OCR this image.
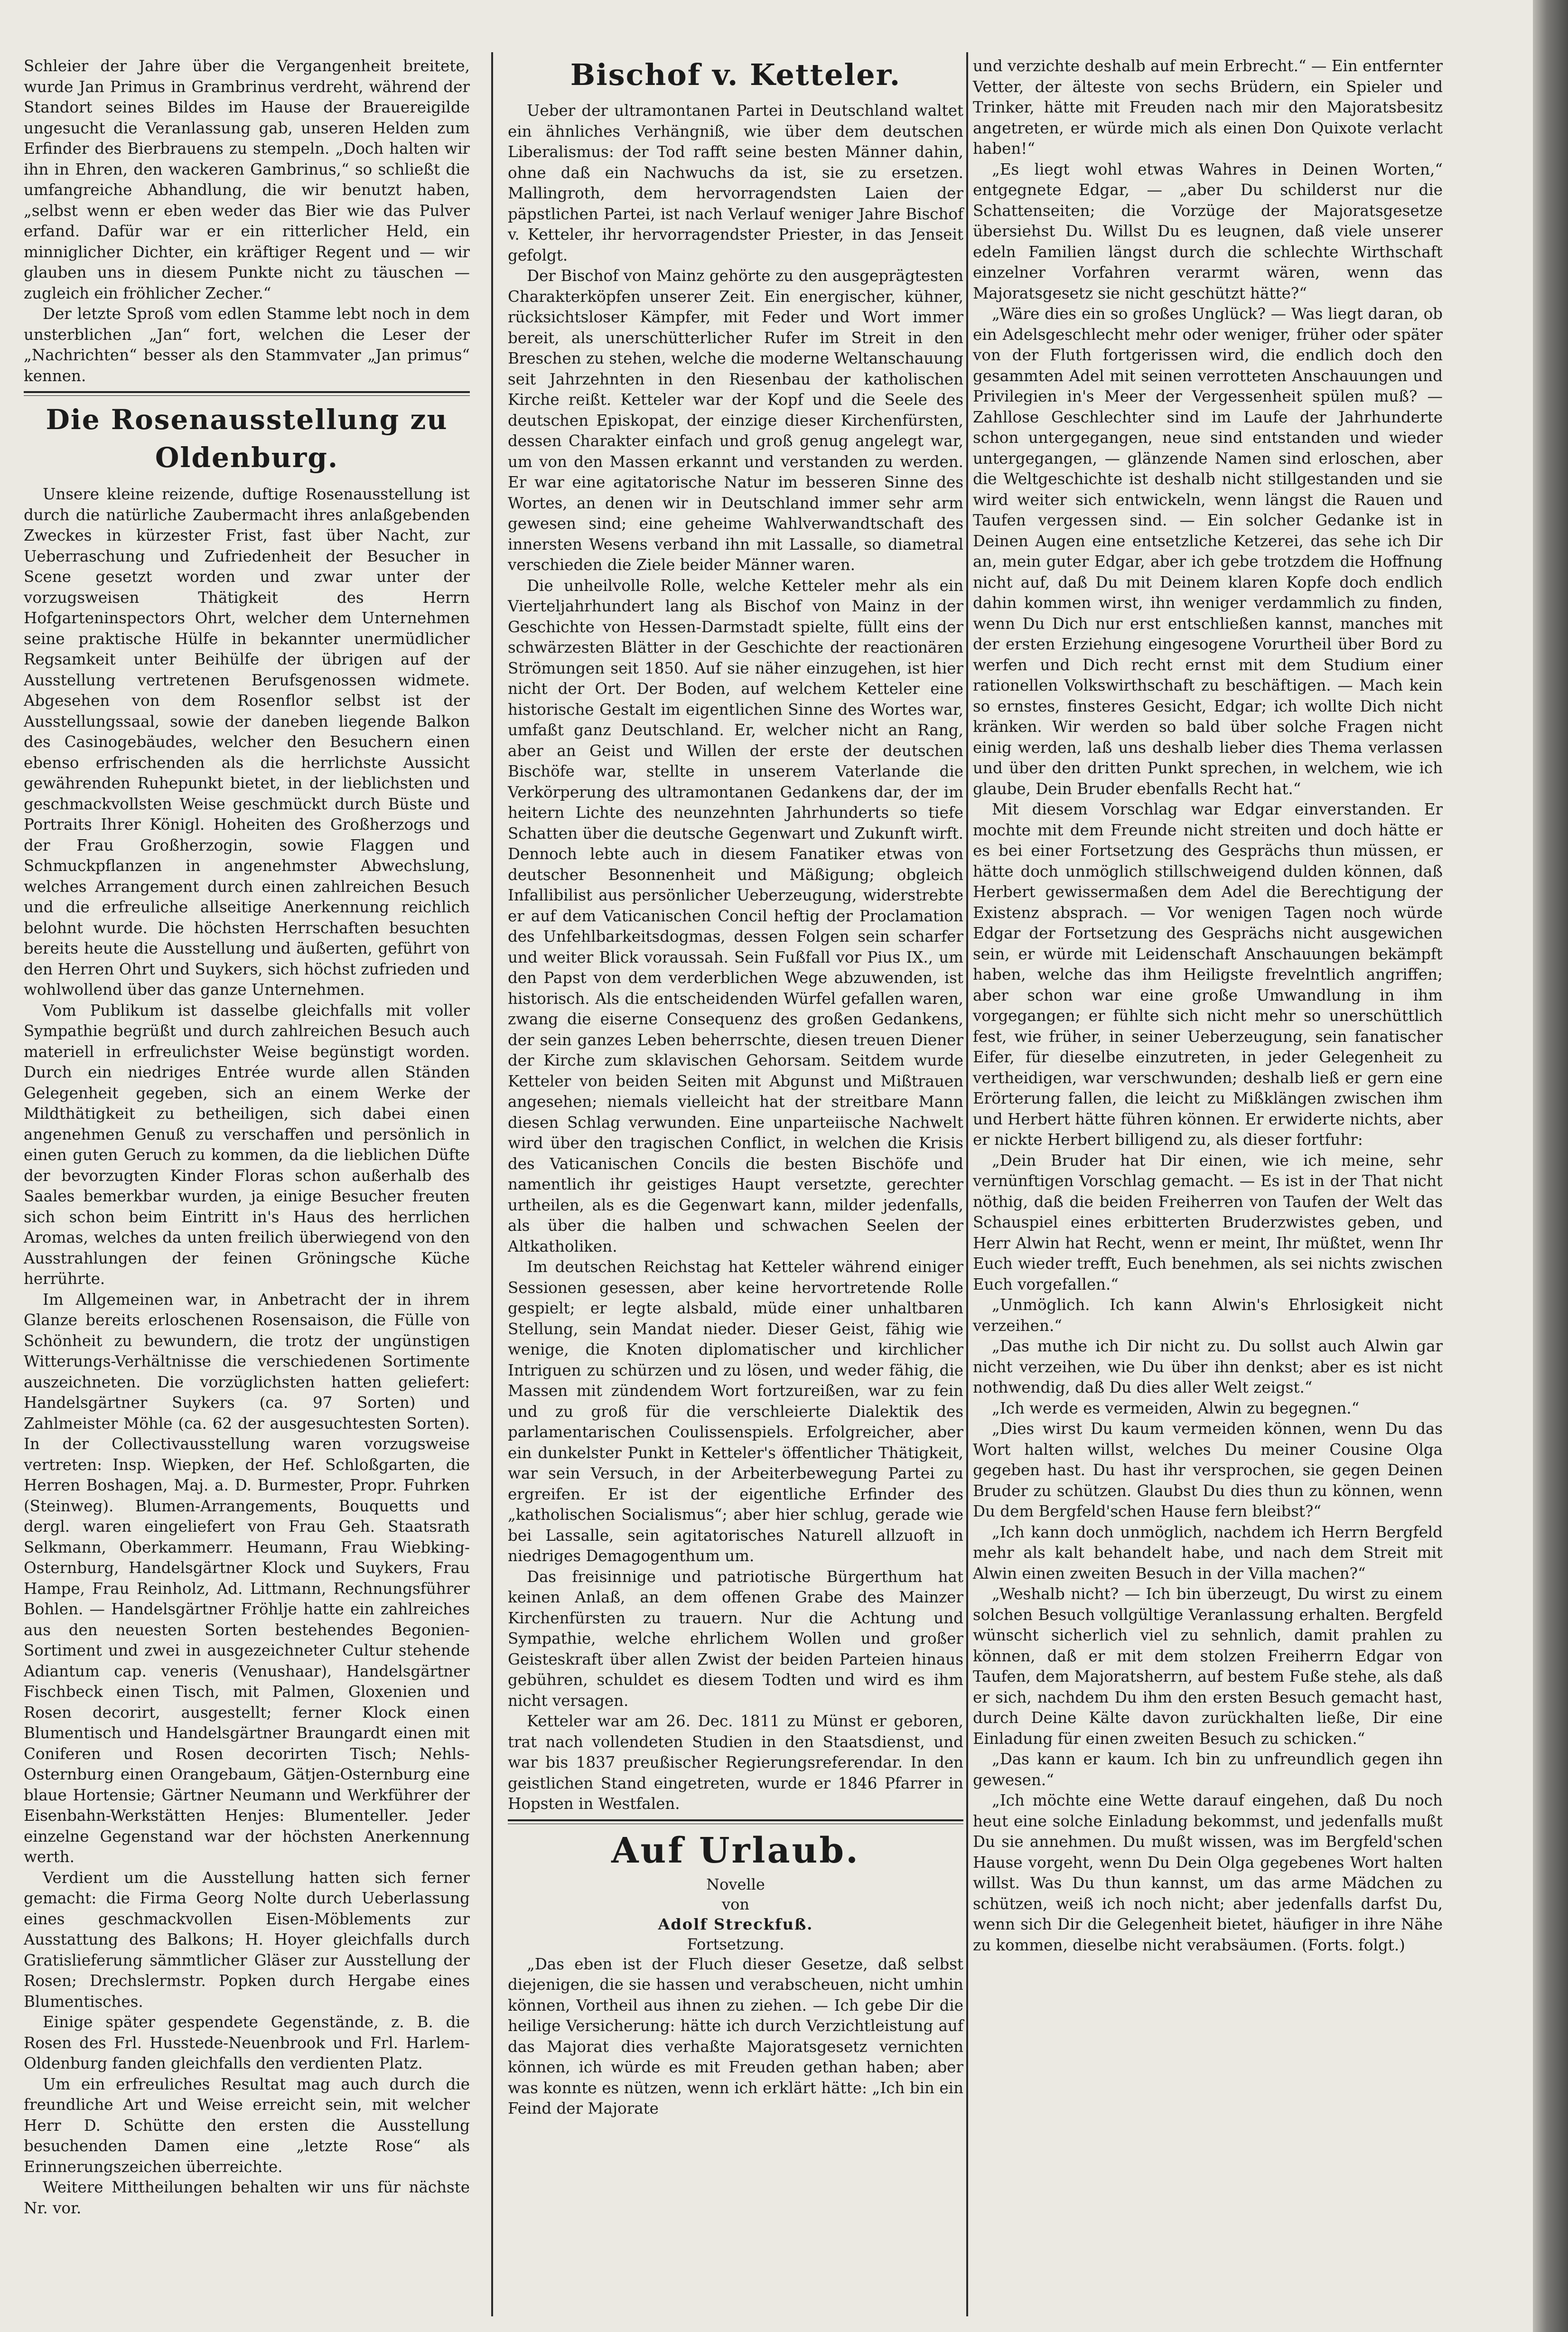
Schleier der Jahre über die Vergangenheit breitete, wurde Jan Primus in Grambrinus verdreht, während der Standort seines Bildes im Hause der Brauereigilde ungesucht die Veranlassung gab, unseren Helden zum Erfinder des Bierbrauens zu stempeln. „Doch halten wir ihn in Ehren, den wackeren Gambrinus,“ so schließt die umfangreiche Abhandlung, die wir benutzt haben, „selbst wenn er eben weder das Bier wie das Pulver erfand. Dafür war er ein ritterlicher Held, ein minniglicher Dichter, ein kräftiger Regent und — wir glauben uns in diesem Punkte nicht zu täuschen — zugleich ein fröhlicher Zecher.“

Der letzte Sproß vom edlen Stamme lebt noch in dem unsterblichen „Jan“ fort, welchen die Leser der „Nachrichten“ besser als den Stammvater „Jan primus“ kennen.

Die Rosenausstellung zu Oldenburg.

Unsere kleine reizende, duftige Rosenausstellung ist durch die natürliche Zaubermacht ihres anlaßgebenden Zweckes in kürzester Frist, fast über Nacht, zur Ueberraschung und Zufriedenheit der Besucher in Scene gesetzt worden und zwar unter der vorzugsweisen Thätigkeit des Herrn Hofgarteninspectors Ohrt, welcher dem Unternehmen seine praktische Hülfe in bekannter unermüdlicher Regsamkeit unter Beihülfe der übrigen auf der Ausstellung vertretenen Berufsgenossen widmete. Abgesehen von dem Rosenflor selbst ist der Ausstellungssaal, sowie der daneben liegende Balkon des Casinogebäudes, welcher den Besuchern einen ebenso erfrischenden als die herrlichste Aussicht gewährenden Ruhepunkt bietet, in der lieblichsten und geschmackvollsten Weise geschmückt durch Büste und Portraits Ihrer Königl. Hoheiten des Großherzogs und der Frau Großherzogin, sowie Flaggen und Schmuckpflanzen in angenehmster Abwechslung, welches Arrangement durch einen zahlreichen Besuch und die erfreuliche allseitige Anerkennung reichlich belohnt wurde. Die höchsten Herrschaften besuchten bereits heute die Ausstellung und äußerten, geführt von den Herren Ohrt und Suykers, sich höchst zufrieden und wohlwollend über das ganze Unternehmen.

Vom Publikum ist dasselbe gleichfalls mit voller Sympathie begrüßt und durch zahlreichen Besuch auch materiell in erfreulichster Weise begünstigt worden. Durch ein niedriges Entrée wurde allen Ständen Gelegenheit gegeben, sich an einem Werke der Mildthätigkeit zu betheiligen, sich dabei einen angenehmen Genuß zu verschaffen und persönlich in einen guten Geruch zu kommen, da die lieblichen Düfte der bevorzugten Kinder Floras schon außerhalb des Saales bemerkbar wurden, ja einige Besucher freuten sich schon beim Eintritt in's Haus des herrlichen Aromas, welches da unten freilich überwiegend von den Ausstrahlungen der feinen Gröningsche Küche herrührte.

Im Allgemeinen war, in Anbetracht der in ihrem Glanze bereits erloschenen Rosensaison, die Fülle von Schönheit zu bewundern, die trotz der ungünstigen Witterungs-Verhältnisse die verschiedenen Sortimente auszeichneten. Die vorzüglichsten hatten geliefert: Handelsgärtner Suykers (ca. 97 Sorten) und Zahlmeister Möhle (ca. 62 der ausgesuchtesten Sorten). In der Collectivausstellung waren vorzugsweise vertreten: Insp. Wiepken, der Hef. Schloßgarten, die Herren Boshagen, Maj. a. D. Burmester, Propr. Fuhrken (Steinweg). Blumen-Arrangements, Bouquetts und dergl. waren eingeliefert von Frau Geh. Staatsrath Selkmann, Oberkammerr. Heumann, Frau Wiebking-Osternburg, Handelsgärtner Klock und Suykers, Frau Hampe, Frau Reinholz, Ad. Littmann, Rechnungsführer Bohlen. — Handelsgärtner Fröhlje hatte ein zahlreiches aus den neuesten Sorten bestehendes Begonien-Sortiment und zwei in ausgezeichneter Cultur stehende Adiantum cap. veneris (Venushaar), Handelsgärtner Fischbeck einen Tisch, mit Palmen, Gloxenien und Rosen decorirt, ausgestellt; ferner Klock einen Blumentisch und Handelsgärtner Braungardt einen mit Coniferen und Rosen decorirten Tisch; Nehls-Osternburg einen Orangebaum, Gätjen-Osternburg eine blaue Hortensie; Gärtner Neumann und Werkführer der Eisenbahn-Werkstätten Henjes: Blumenteller. Jeder einzelne Gegenstand war der höchsten Anerkennung werth.

Verdient um die Ausstellung hatten sich ferner gemacht: die Firma Georg Nolte durch Ueberlassung eines geschmackvollen Eisen-Möblements zur Ausstattung des Balkons; H. Hoyer gleichfalls durch Gratislieferung sämmtlicher Gläser zur Ausstellung der Rosen; Drechslermstr. Popken durch Hergabe eines Blumentisches.

Einige später gespendete Gegenstände, z. B. die Rosen des Frl. Husstede-Neuenbrook und Frl. Harlem-Oldenburg fanden gleichfalls den verdienten Platz.

Um ein erfreuliches Resultat mag auch durch die freundliche Art und Weise erreicht sein, mit welcher Herr D. Schütte den ersten die Ausstellung besuchenden Damen eine „letzte Rose“ als Erinnerungszeichen überreichte.

Weitere Mittheilungen behalten wir uns für nächste Nr. vor.

Bischof v. Ketteler.

Ueber der ultramontanen Partei in Deutschland waltet ein ähnliches Verhängniß, wie über dem deutschen Liberalismus: der Tod rafft seine besten Männer dahin, ohne daß ein Nachwuchs da ist, sie zu ersetzen. Mallingroth, dem hervorragendsten Laien der päpstlichen Partei, ist nach Verlauf weniger Jahre Bischof v. Ketteler, ihr hervorragendster Priester, in das Jenseit gefolgt.

Der Bischof von Mainz gehörte zu den ausgeprägtesten Charakterköpfen unserer Zeit. Ein energischer, kühner, rücksichtsloser Kämpfer, mit Feder und Wort immer bereit, als unerschütterlicher Rufer im Streit in den Breschen zu stehen, welche die moderne Weltanschauung seit Jahrzehnten in den Riesenbau der katholischen Kirche reißt. Ketteler war der Kopf und die Seele des deutschen Episkopat, der einzige dieser Kirchenfürsten, dessen Charakter einfach und groß genug angelegt war, um von den Massen erkannt und verstanden zu werden. Er war eine agitatorische Natur im besseren Sinne des Wortes, an denen wir in Deutschland immer sehr arm gewesen sind; eine geheime Wahlverwandtschaft des innersten Wesens verband ihn mit Lassalle, so diametral verschieden die Ziele beider Männer waren.

Die unheilvolle Rolle, welche Ketteler mehr als ein Vierteljahrhundert lang als Bischof von Mainz in der Geschichte von Hessen-Darmstadt spielte, füllt eins der schwärzesten Blätter in der Geschichte der reactionären Strömungen seit 1850. Auf sie näher einzugehen, ist hier nicht der Ort. Der Boden, auf welchem Ketteler eine historische Gestalt im eigentlichen Sinne des Wortes war, umfaßt ganz Deutschland. Er, welcher nicht an Rang, aber an Geist und Willen der erste der deutschen Bischöfe war, stellte in unserem Vaterlande die Verkörperung des ultramontanen Gedankens dar, der im heitern Lichte des neunzehnten Jahrhunderts so tiefe Schatten über die deutsche Gegenwart und Zukunft wirft. Dennoch lebte auch in diesem Fanatiker etwas von deutscher Besonnenheit und Mäßigung; obgleich Infallibilist aus persönlicher Ueberzeugung, widerstrebte er auf dem Vaticanischen Concil heftig der Proclamation des Unfehlbarkeitsdogmas, dessen Folgen sein scharfer und weiter Blick voraussah. Sein Fußfall vor Pius IX., um den Papst von dem verderblichen Wege abzuwenden, ist historisch. Als die entscheidenden Würfel gefallen waren, zwang die eiserne Consequenz des großen Gedankens, der sein ganzes Leben beherrschte, diesen treuen Diener der Kirche zum sklavischen Gehorsam. Seitdem wurde Ketteler von beiden Seiten mit Abgunst und Mißtrauen angesehen; niemals vielleicht hat der streitbare Mann diesen Schlag verwunden. Eine unparteiische Nachwelt wird über den tragischen Conflict, in welchen die Krisis des Vaticanischen Concils die besten Bischöfe und namentlich ihr geistiges Haupt versetzte, gerechter urtheilen, als es die Gegenwart kann, milder jedenfalls, als über die halben und schwachen Seelen der Altkatholiken.

Im deutschen Reichstag hat Ketteler während einiger Sessionen gesessen, aber keine hervortretende Rolle gespielt; er legte alsbald, müde einer unhaltbaren Stellung, sein Mandat nieder. Dieser Geist, fähig wie wenige, die Knoten diplomatischer und kirchlicher Intriguen zu schürzen und zu lösen, und weder fähig, die Massen mit zündendem Wort fortzureißen, war zu fein und zu groß für die verschleierte Dialektik des parlamentarischen Coulissenspiels. Erfolgreicher, aber ein dunkelster Punkt in Ketteler's öffentlicher Thätigkeit, war sein Versuch, in der Arbeiterbewegung Partei zu ergreifen. Er ist der eigentliche Erfinder des „katholischen Socialismus“; aber hier schlug, gerade wie bei Lassalle, sein agitatorisches Naturell allzuoft in niedriges Demagogenthum um.

Das freisinnige und patriotische Bürgerthum hat keinen Anlaß, an dem offenen Grabe des Mainzer Kirchenfürsten zu trauern. Nur die Achtung und Sympathie, welche ehrlichem Wollen und großer Geisteskraft über allen Zwist der beiden Parteien hinaus gebühren, schuldet es diesem Todten und wird es ihm nicht versagen.

Ketteler war am 26. Dec. 1811 zu Münst er geboren, trat nach vollendeten Studien in den Staatsdienst, und war bis 1837 preußischer Regierungsreferendar. In den geistlichen Stand eingetreten, wurde er 1846 Pfarrer in Hopsten in Westfalen.

Auf Urlaub.

Novelle

von

Adolf Streckfuß.

Fortsetzung.

„Das eben ist der Fluch dieser Gesetze, daß selbst diejenigen, die sie hassen und verabscheuen, nicht umhin können, Vortheil aus ihnen zu ziehen. — Ich gebe Dir die heilige Versicherung: hätte ich durch Verzichtleistung auf das Majorat dies verhaßte Majoratsgesetz vernichten können, ich würde es mit Freuden gethan haben; aber was konnte es nützen, wenn ich erklärt hätte: „Ich bin ein Feind der Majorate

und verzichte deshalb auf mein Erbrecht.“ — Ein entfernter Vetter, der älteste von sechs Brüdern, ein Spieler und Trinker, hätte mit Freuden nach mir den Majoratsbesitz angetreten, er würde mich als einen Don Quixote verlacht haben!“

„Es liegt wohl etwas Wahres in Deinen Worten,“ entgegnete Edgar, — „aber Du schilderst nur die Schattenseiten; die Vorzüge der Majoratsgesetze übersiehst Du. Willst Du es leugnen, daß viele unserer edeln Familien längst durch die schlechte Wirthschaft einzelner Vorfahren verarmt wären, wenn das Majoratsgesetz sie nicht geschützt hätte?“

„Wäre dies ein so großes Unglück? — Was liegt daran, ob ein Adelsgeschlecht mehr oder weniger, früher oder später von der Fluth fortgerissen wird, die endlich doch den gesammten Adel mit seinen verrotteten Anschauungen und Privilegien in's Meer der Vergessenheit spülen muß? — Zahllose Geschlechter sind im Laufe der Jahrhunderte schon untergegangen, neue sind entstanden und wieder untergegangen, — glänzende Namen sind erloschen, aber die Weltgeschichte ist deshalb nicht stillgestanden und sie wird weiter sich entwickeln, wenn längst die Rauen und Taufen vergessen sind. — Ein solcher Gedanke ist in Deinen Augen eine entsetzliche Ketzerei, das sehe ich Dir an, mein guter Edgar, aber ich gebe trotzdem die Hoffnung nicht auf, daß Du mit Deinem klaren Kopfe doch endlich dahin kommen wirst, ihn weniger verdammlich zu finden, wenn Du Dich nur erst entschließen kannst, manches mit der ersten Erziehung eingesogene Vorurtheil über Bord zu werfen und Dich recht ernst mit dem Studium einer rationellen Volkswirthschaft zu beschäftigen. — Mach kein so ernstes, finsteres Gesicht, Edgar; ich wollte Dich nicht kränken. Wir werden so bald über solche Fragen nicht einig werden, laß uns deshalb lieber dies Thema verlassen und über den dritten Punkt sprechen, in welchem, wie ich glaube, Dein Bruder ebenfalls Recht hat.“

Mit diesem Vorschlag war Edgar einverstanden. Er mochte mit dem Freunde nicht streiten und doch hätte er es bei einer Fortsetzung des Gesprächs thun müssen, er hätte doch unmöglich stillschweigend dulden können, daß Herbert gewissermaßen dem Adel die Berechtigung der Existenz absprach. — Vor wenigen Tagen noch würde Edgar der Fortsetzung des Gesprächs nicht ausgewichen sein, er würde mit Leidenschaft Anschauungen bekämpft haben, welche das ihm Heiligste frevelntlich angriffen; aber schon war eine große Umwandlung in ihm vorgegangen; er fühlte sich nicht mehr so unerschüttlich fest, wie früher, in seiner Ueberzeugung, sein fanatischer Eifer, für dieselbe einzutreten, in jeder Gelegenheit zu vertheidigen, war verschwunden; deshalb ließ er gern eine Erörterung fallen, die leicht zu Mißklängen zwischen ihm und Herbert hätte führen können. Er erwiderte nichts, aber er nickte Herbert billigend zu, als dieser fortfuhr:

„Dein Bruder hat Dir einen, wie ich meine, sehr vernünftigen Vorschlag gemacht. — Es ist in der That nicht nöthig, daß die beiden Freiherren von Taufen der Welt das Schauspiel eines erbitterten Bruderzwistes geben, und Herr Alwin hat Recht, wenn er meint, Ihr müßtet, wenn Ihr Euch wieder trefft, Euch benehmen, als sei nichts zwischen Euch vorgefallen.“

„Unmöglich. Ich kann Alwin's Ehrlosigkeit nicht verzeihen.“

„Das muthe ich Dir nicht zu. Du sollst auch Alwin gar nicht verzeihen, wie Du über ihn denkst; aber es ist nicht nothwendig, daß Du dies aller Welt zeigst.“

„Ich werde es vermeiden, Alwin zu begegnen.“

„Dies wirst Du kaum vermeiden können, wenn Du das Wort halten willst, welches Du meiner Cousine Olga gegeben hast. Du hast ihr versprochen, sie gegen Deinen Bruder zu schützen. Glaubst Du dies thun zu können, wenn Du dem Bergfeld'schen Hause fern bleibst?“

„Ich kann doch unmöglich, nachdem ich Herrn Bergfeld mehr als kalt behandelt habe, und nach dem Streit mit Alwin einen zweiten Besuch in der Villa machen?“

„Weshalb nicht? — Ich bin überzeugt, Du wirst zu einem solchen Besuch vollgültige Veranlassung erhalten. Bergfeld wünscht sicherlich viel zu sehnlich, damit prahlen zu können, daß er mit dem stolzen Freiherrn Edgar von Taufen, dem Majoratsherrn, auf bestem Fuße stehe, als daß er sich, nachdem Du ihm den ersten Besuch gemacht hast, durch Deine Kälte davon zurückhalten ließe, Dir eine Einladung für einen zweiten Besuch zu schicken.“

„Das kann er kaum. Ich bin zu unfreundlich gegen ihn gewesen.“

„Ich möchte eine Wette darauf eingehen, daß Du noch heut eine solche Einladung bekommst, und jedenfalls mußt Du sie annehmen. Du mußt wissen, was im Bergfeld'schen Hause vorgeht, wenn Du Dein Olga gegebenes Wort halten willst. Was Du thun kannst, um das arme Mädchen zu schützen, weiß ich noch nicht; aber jedenfalls darfst Du, wenn sich Dir die Gelegenheit bietet, häufiger in ihre Nähe zu kommen, dieselbe nicht verabsäumen. (Forts. folgt.)
